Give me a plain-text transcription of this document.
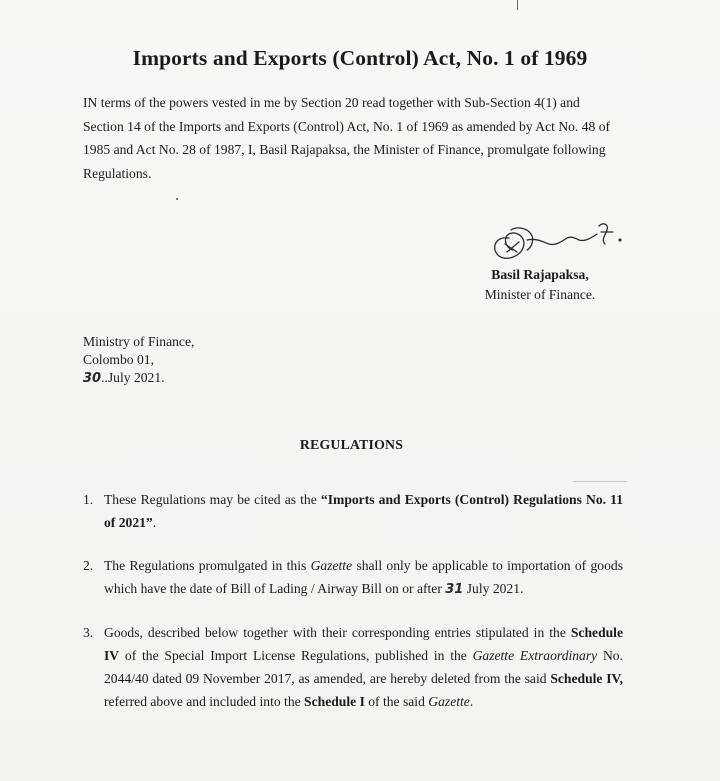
Imports and Exports (Control) Act, No. 1 of 1969

IN terms of the powers vested in me by Section 20 read together with Sub-Section 4(1) and Section 14 of the Imports and Exports (Control) Act, No. 1 of 1969 as amended by Act No. 48 of 1985 and Act No. 28 of 1987, I, Basil Rajapaksa, the Minister of Finance, promulgate following Regulations.

Basil Rajapaksa,
Minister of Finance.
Ministry of Finance,
Colombo 01,
30..July 2021.
REGULATIONS
1. These Regulations may be cited as the “Imports and Exports (Control) Regulations No. 11 of 2021”.
2. The Regulations promulgated in this Gazette shall only be applicable to importation of goods which have the date of Bill of Lading / Airway Bill on or after 31 July 2021.
3. Goods, described below together with their corresponding entries stipulated in the Schedule IV of the Special Import License Regulations, published in the Gazette Extraordinary No. 2044/40 dated 09 November 2017, as amended, are hereby deleted from the said Schedule IV, referred above and included into the Schedule I of the said Gazette.
